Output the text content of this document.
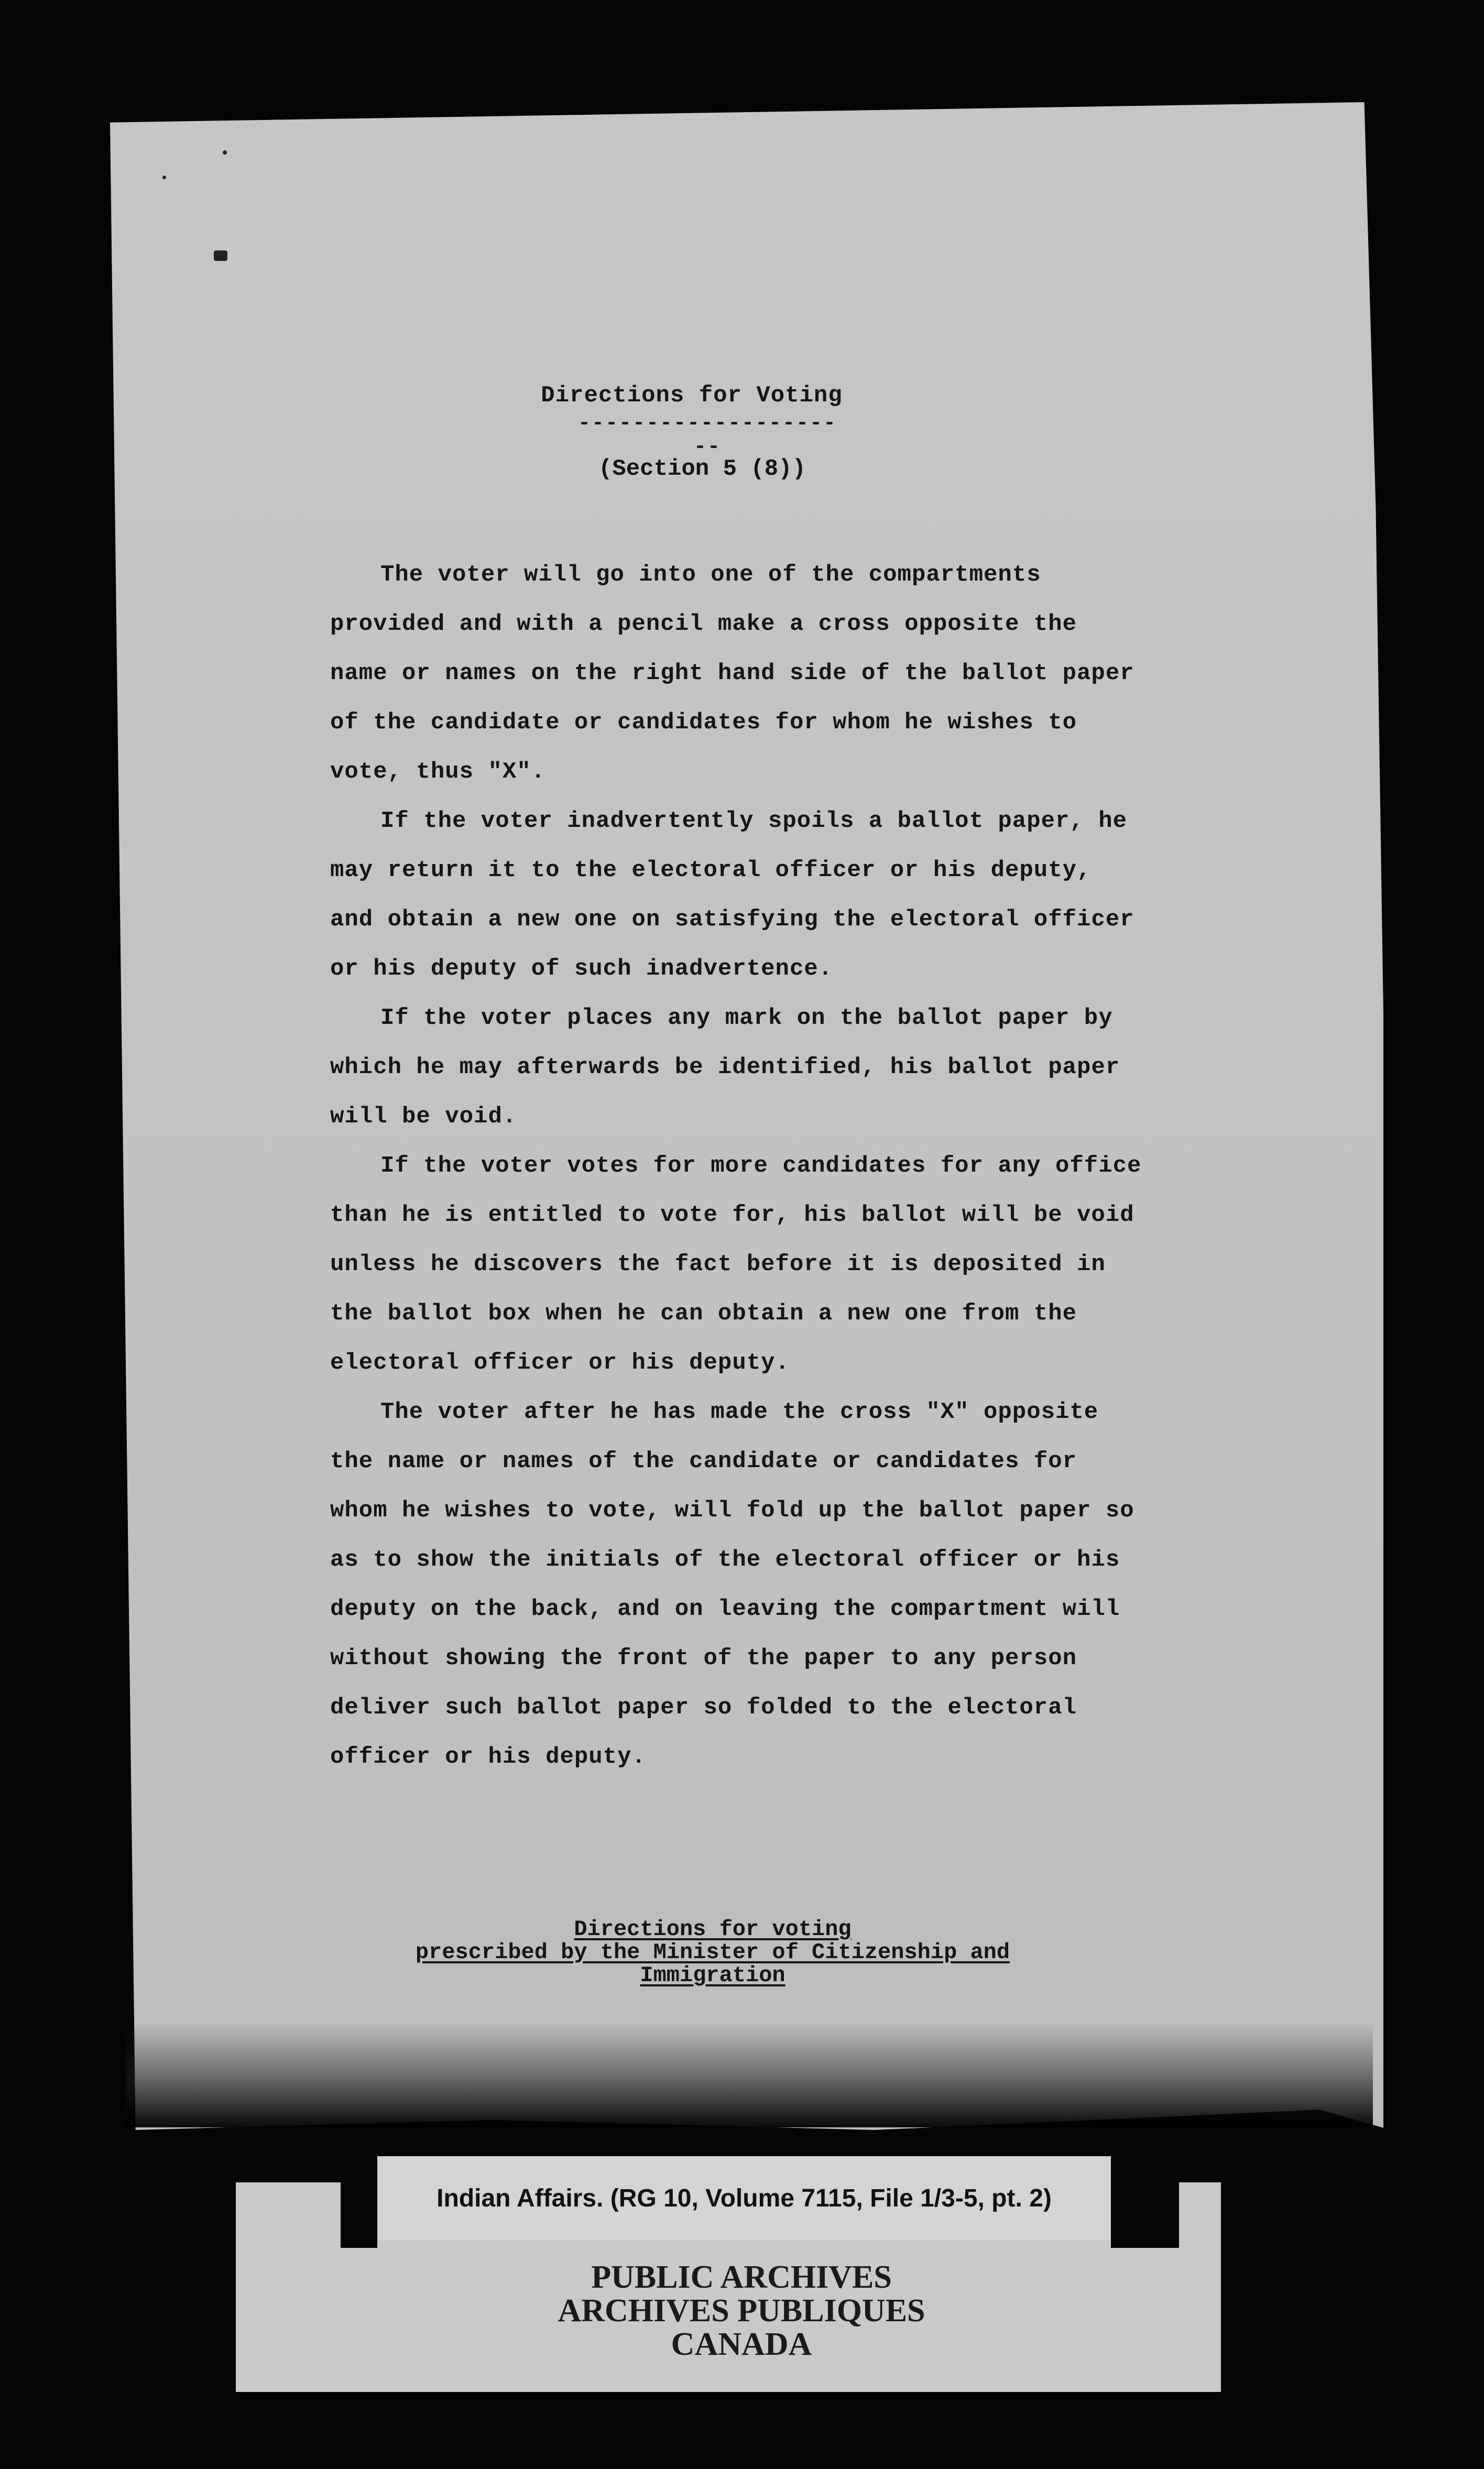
Directions for Voting
---------------------
(Section 5 (8))

The voter will go into one of the compartments provided and with a pencil make a cross opposite the name or names on the right hand side of the ballot paper of the candidate or candidates for whom he wishes to vote, thus "X".

If the voter inadvertently spoils a ballot paper, he may return it to the electoral officer or his deputy, and obtain a new one on satisfying the electoral officer or his deputy of such inadvertence.

If the voter places any mark on the ballot paper by which he may afterwards be identified, his ballot paper will be void.

If the voter votes for more candidates for any office than he is entitled to vote for, his ballot will be void unless he discovers the fact before it is deposited in the ballot box when he can obtain a new one from the electoral officer or his deputy.

The voter after he has made the cross "X" opposite the name or names of the candidate or candidates for whom he wishes to vote, will fold up the ballot paper so as to show the initials of the electoral officer or his deputy on the back, and on leaving the compartment will without showing the front of the paper to any person deliver such ballot paper so folded to the electoral officer or his deputy.

Directions for voting
prescribed by the Minister of Citizenship and Immigration
Indian Affairs. (RG 10, Volume 7115, File 1/3-5, pt. 2)
PUBLIC ARCHIVES
ARCHIVES PUBLIQUES
CANADA
